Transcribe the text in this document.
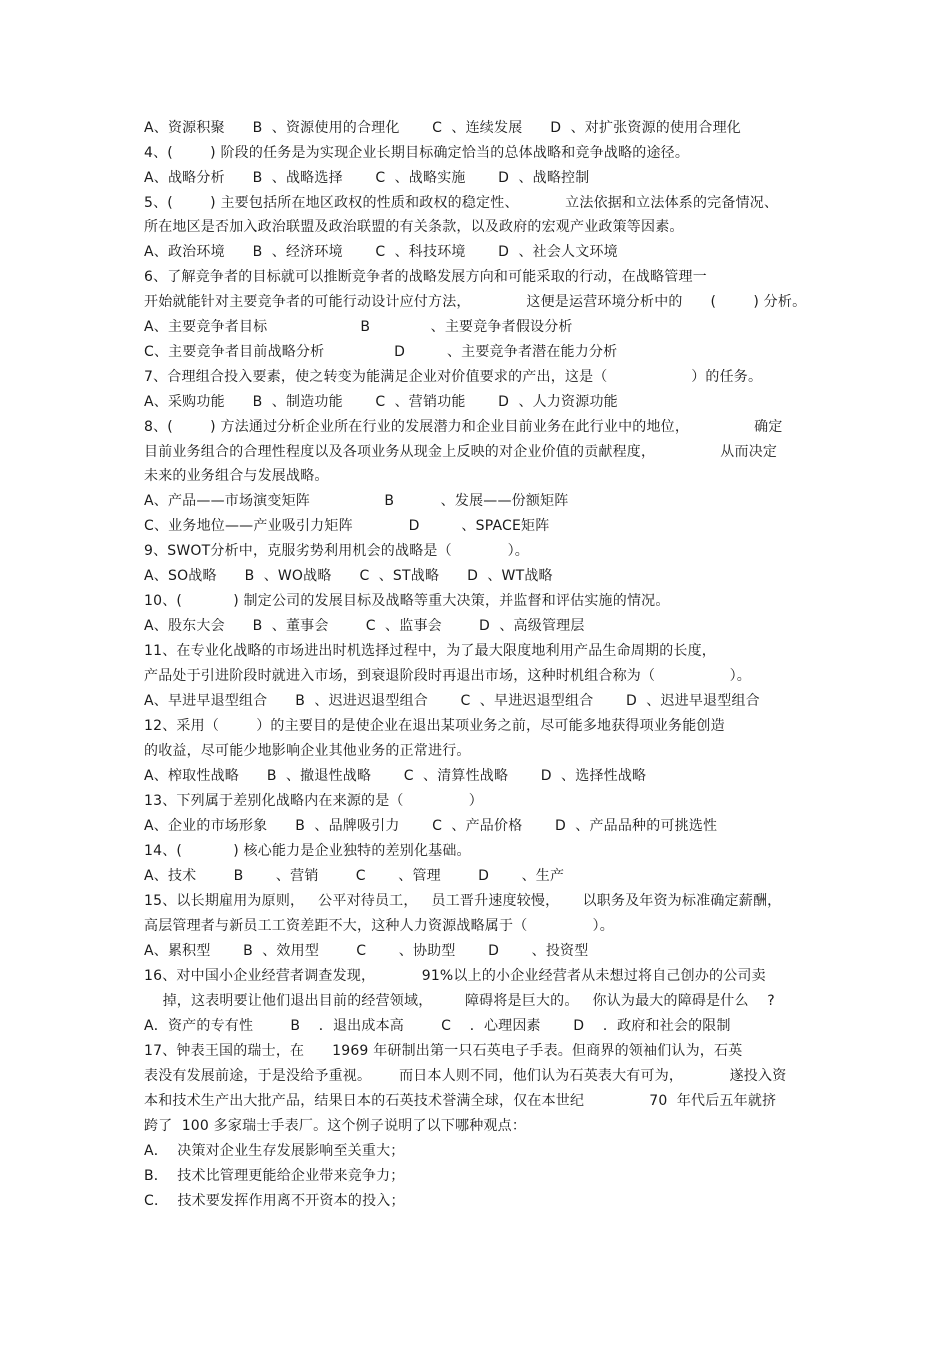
A、资源积聚      B  、资源使用的合理化       C  、连续发展      D  、对扩张资源的使用合理化
4、(        ) 阶段的任务是为实现企业长期目标确定恰当的总体战略和竞争战略的途径。
A、战略分析      B  、战略选择       C  、战略实施       D  、战略控制
5、(        ) 主要包括所在地区政权的性质和政权的稳定性、          立法依据和立法体系的完备情况、
所在地区是否加入政治联盟及政治联盟的有关条款，以及政府的宏观产业政策等因素。
A、政治环境      B  、经济环境       C  、科技环境       D  、社会人文环境
6、了解竞争者的目标就可以推断竞争者的战略发展方向和可能采取的行动，在战略管理一
开始就能针对主要竞争者的可能行动设计应付方法，            这便是运营环境分析中的      (        ) 分析。
A、主要竞争者目标                    B             、主要竞争者假设分析
C、主要竞争者目前战略分析               D         、主要竞争者潜在能力分析
7、合理组合投入要素，使之转变为能满足企业对价值要求的产出，这是（                  ）的任务。
A、采购功能      B  、制造功能       C  、营销功能       D  、人力资源功能
8、(        ) 方法通过分析企业所在行业的发展潜力和企业目前业务在此行业中的地位，              确定
目前业务组合的合理性程度以及各项业务从现金上反映的对企业价值的贡献程度，              从而决定
未来的业务组合与发展战略。
A、产品——市场演变矩阵                B          、发展——份额矩阵
C、业务地位——产业吸引力矩阵            D         、SPACE矩阵
9、SWOT分析中，克服劣势利用机会的战略是（            ）。
A、SO战略      B  、WO战略      C  、ST战略      D  、WT战略
10、(           ) 制定公司的发展目标及战略等重大决策，并监督和评估实施的情况。
A、股东大会      B  、董事会        C  、监事会        D  、高级管理层
11、在专业化战略的市场进出时机选择过程中，为了最大限度地利用产品生命周期的长度，
产品处于引进阶段时就进入市场，到衰退阶段时再退出市场，这种时机组合称为（                ）。
A、早进早退型组合      B  、迟进迟退型组合       C  、早进迟退型组合       D  、迟进早退型组合
12、采用（        ）的主要目的是使企业在退出某项业务之前，尽可能多地获得项业务能创造
的收益，尽可能少地影响企业其他业务的正常进行。
A、榨取性战略      B  、撤退性战略       C  、清算性战略       D  、选择性战略
13、下列属于差别化战略内在来源的是（              ）
A、企业的市场形象      B  、品牌吸引力       C  、产品价格       D  、产品品种的可挑选性
14、(           ) 核心能力是企业独特的差别化基础。
A、技术        B       、营销        C       、管理        D       、生产
15、以长期雇用为原则，   公平对待员工，   员工晋升速度较慢，     以职务及年资为标准确定薪酬，
高层管理者与新员工工资差距不大，这种人力资源战略属于（              ）。
A、累积型       B  、效用型        C       、协助型       D       、投资型
16、对中国小企业经营者调查发现，          91%以上的小企业经营者从未想过将自己创办的公司卖
掉，这表明要让他们退出目前的经营领域，       障碍将是巨大的。   你认为最大的障碍是什么    ?
A．资产的专有性        B    ．退出成本高        C    ．心理因素       D    ．政府和社会的限制
17、钟表王国的瑞士，在      1969 年研制出第一只石英电子手表。但商界的领袖们认为，石英
表没有发展前途，于是没给予重视。      而日本人则不同，他们认为石英表大有可为，          遂投入资
本和技术生产出大批产品，结果日本的石英技术誉满全球，仅在本世纪              70  年代后五年就挤
跨了  100 多家瑞士手表厂。这个例子说明了以下哪种观点：
A．  决策对企业生存发展影响至关重大；
B．  技术比管理更能给企业带来竞争力；
C．  技术要发挥作用离不开资本的投入；
